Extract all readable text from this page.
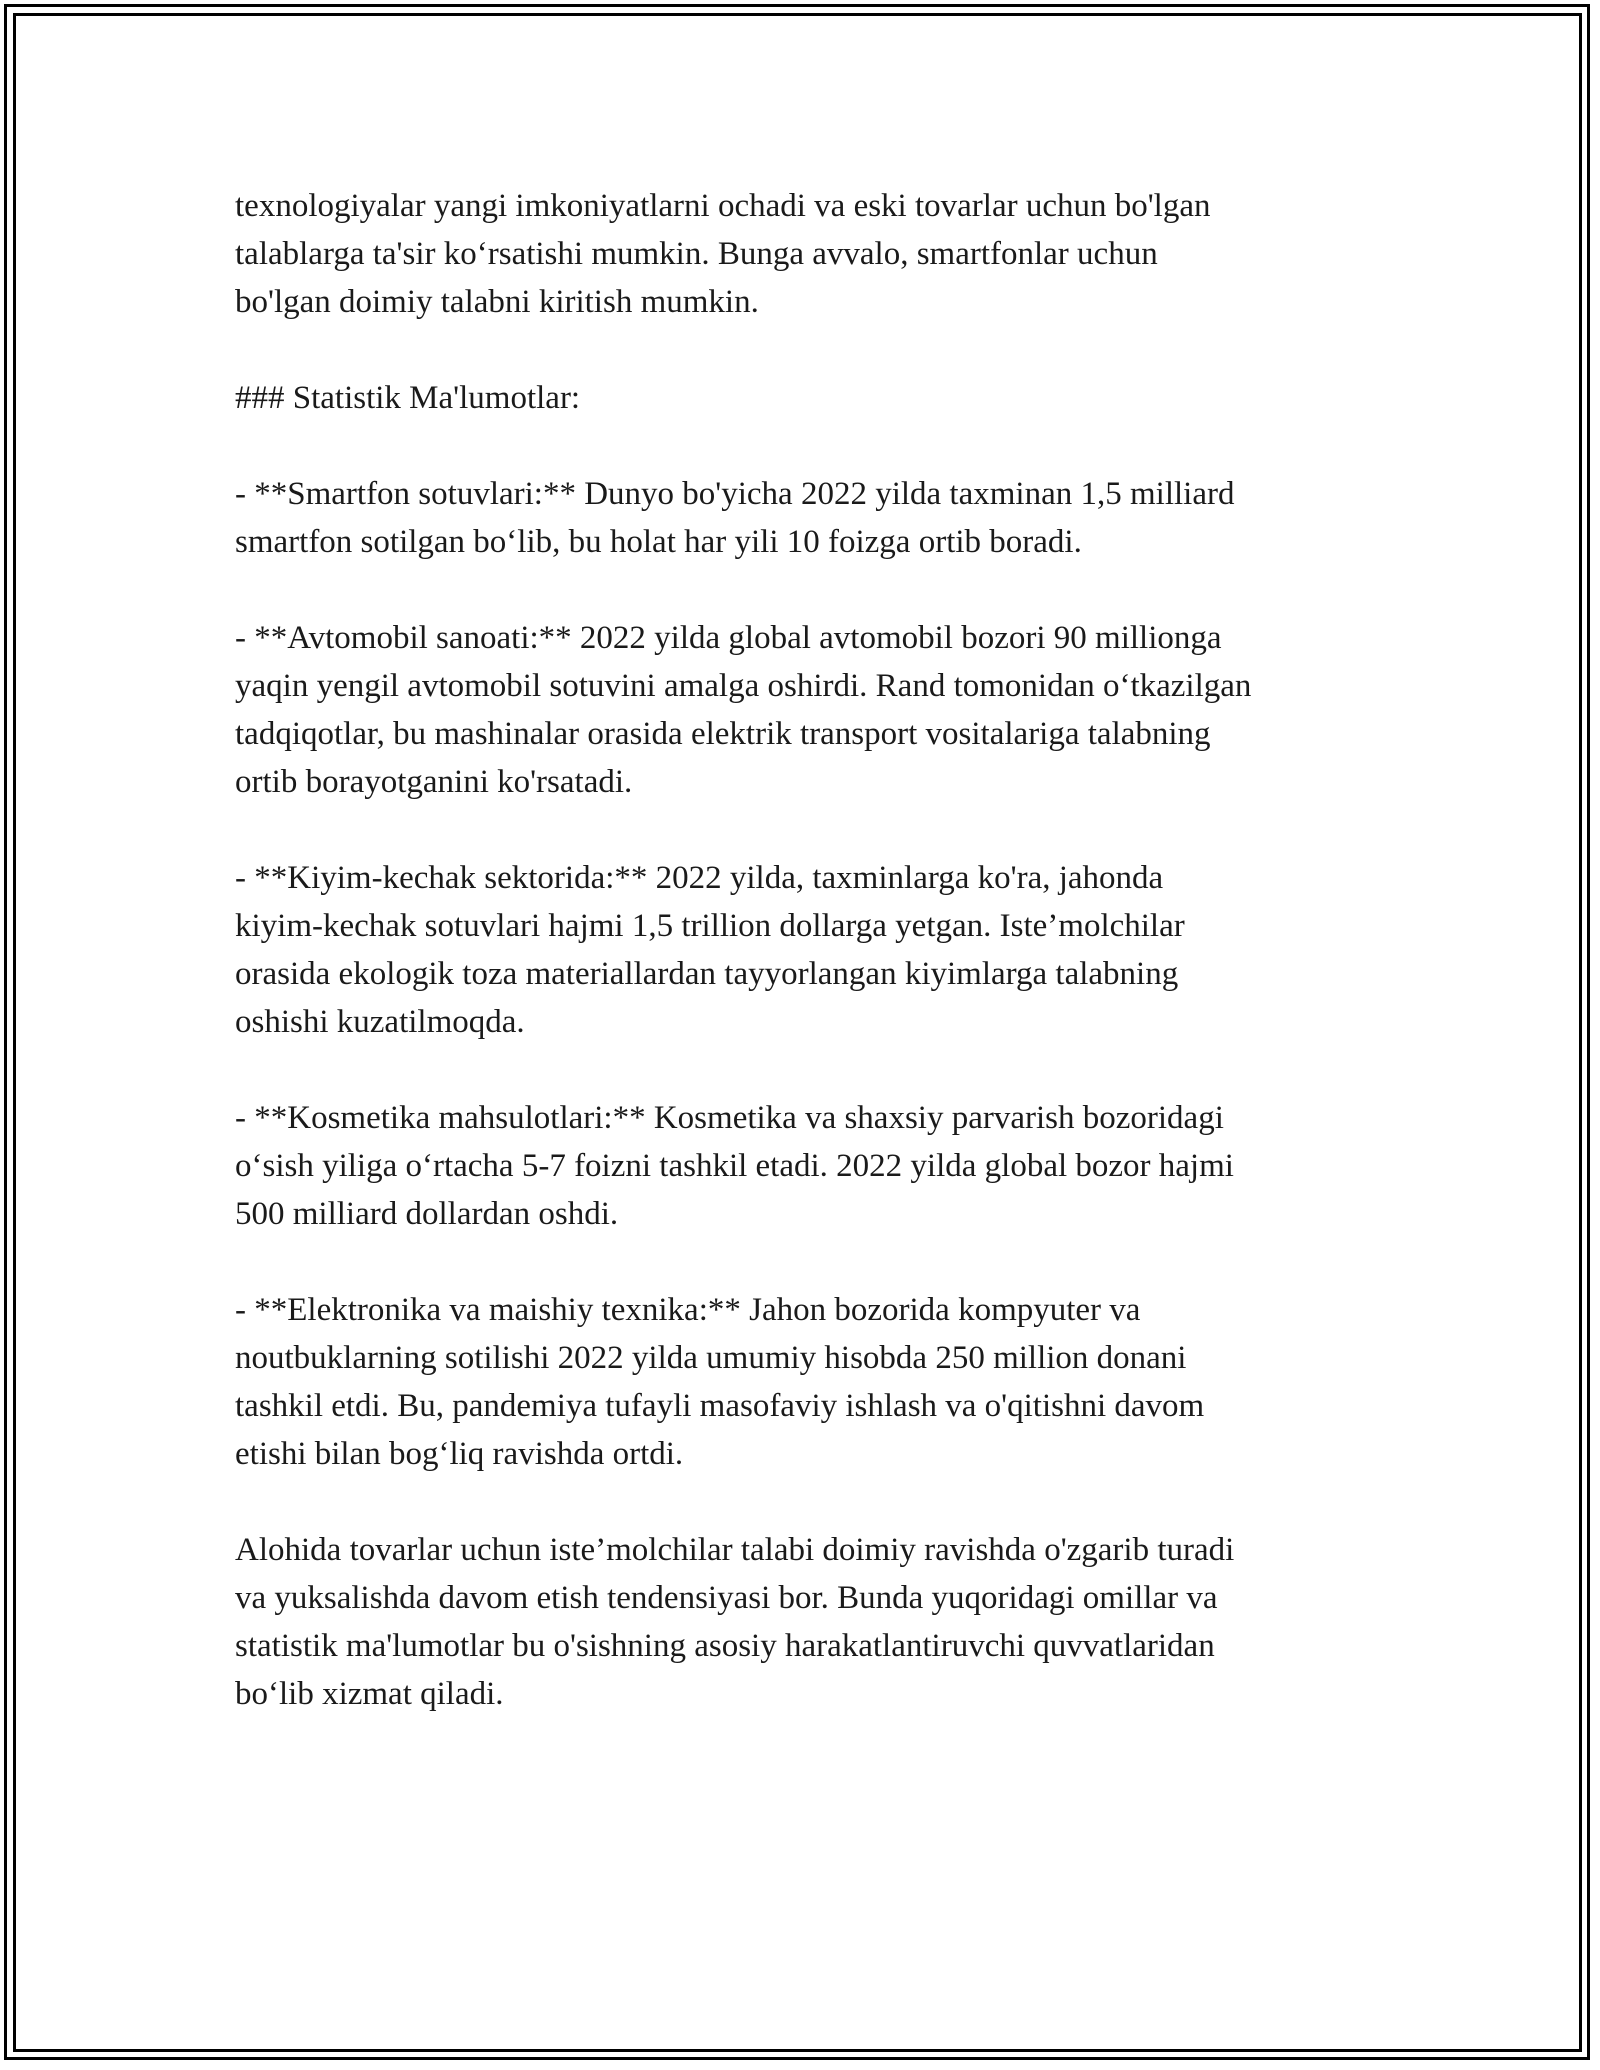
texnologiyalar yangi imkoniyatlarni ochadi va eski tovarlar uchun bo'lgan
talablarga ta'sir ko‘rsatishi mumkin. Bunga avvalo, smartfonlar uchun
bo'lgan doimiy talabni kiritish mumkin.

### Statistik Ma'lumotlar:

- **Smartfon sotuvlari:** Dunyo bo'yicha 2022 yilda taxminan 1,5 milliard
smartfon sotilgan bo‘lib, bu holat har yili 10 foizga ortib boradi.

- **Avtomobil sanoati:** 2022 yilda global avtomobil bozori 90 millionga
yaqin yengil avtomobil sotuvini amalga oshirdi. Rand tomonidan o‘tkazilgan
tadqiqotlar, bu mashinalar orasida elektrik transport vositalariga talabning
ortib borayotganini ko'rsatadi.

- **Kiyim-kechak sektorida:** 2022 yilda, taxminlarga ko'ra, jahonda
kiyim-kechak sotuvlari hajmi 1,5 trillion dollarga yetgan. Iste’molchilar
orasida ekologik toza materiallardan tayyorlangan kiyimlarga talabning
oshishi kuzatilmoqda.

- **Kosmetika mahsulotlari:** Kosmetika va shaxsiy parvarish bozoridagi
o‘sish yiliga o‘rtacha 5-7 foizni tashkil etadi. 2022 yilda global bozor hajmi
500 milliard dollardan oshdi.

- **Elektronika va maishiy texnika:** Jahon bozorida kompyuter va
noutbuklarning sotilishi 2022 yilda umumiy hisobda 250 million donani
tashkil etdi. Bu, pandemiya tufayli masofaviy ishlash va o'qitishni davom
etishi bilan bog‘liq ravishda ortdi.

Alohida tovarlar uchun iste’molchilar talabi doimiy ravishda o'zgarib turadi
va yuksalishda davom etish tendensiyasi bor. Bunda yuqoridagi omillar va
statistik ma'lumotlar bu o'sishning asosiy harakatlantiruvchi quvvatlaridan
bo‘lib xizmat qiladi.
